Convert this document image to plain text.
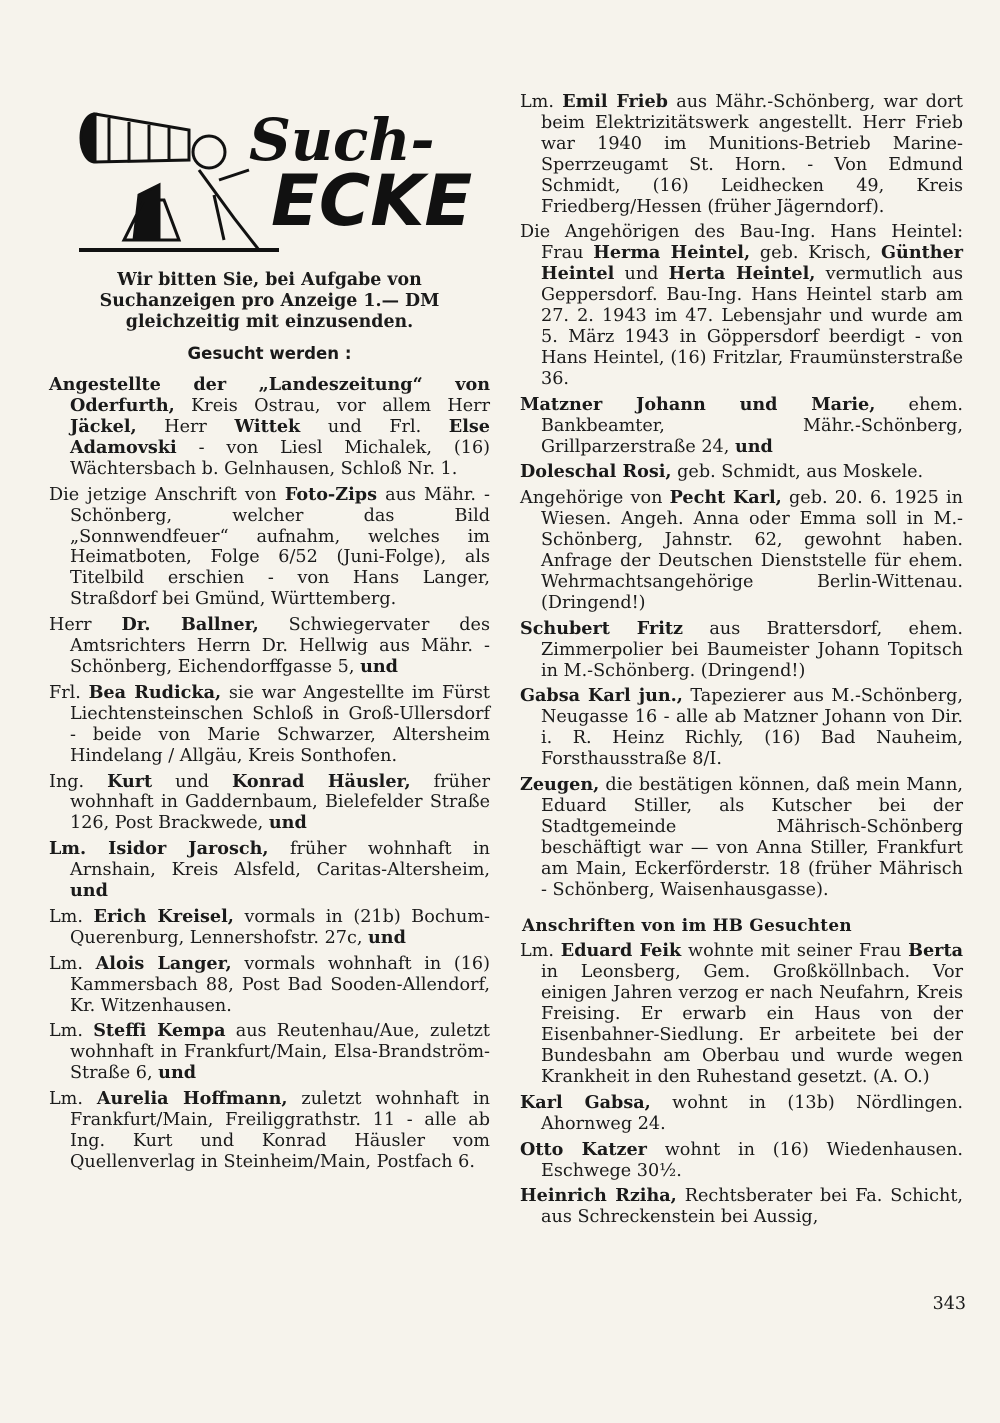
Such-
ECKE
Wir bitten Sie, bei Aufgabe von Suchanzeigen pro Anzeige 1.— DM gleichzeitig mit einzusenden.
Gesucht werden :

Angestellte der „Landeszeitung“ von Oderfurth, Kreis Ostrau, vor allem Herr Jäckel, Herr Wittek und Frl. Else Adamovski - von Liesl Michalek, (16) Wächtersbach b. Gelnhausen, Schloß Nr. 1.

Die jetzige Anschrift von Foto-Zips aus Mähr. - Schönberg, welcher das Bild „Sonnwendfeuer“ aufnahm, welches im Heimatboten, Folge 6/52 (Juni-Folge), als Titelbild erschien - von Hans Langer, Straßdorf bei Gmünd, Württemberg.

Herr Dr. Ballner, Schwiegervater des Amtsrichters Herrn Dr. Hellwig aus Mähr. - Schönberg, Eichendorffgasse 5, und

Frl. Bea Rudicka, sie war Angestellte im Fürst Liechtensteinschen Schloß in Groß-Ullersdorf - beide von Marie Schwarzer, Altersheim Hindelang / Allgäu, Kreis Sonthofen.

Ing. Kurt und Konrad Häusler, früher wohnhaft in Gaddernbaum, Bielefelder Straße 126, Post Brackwede, und

Lm. Isidor Jarosch, früher wohnhaft in Arnshain, Kreis Alsfeld, Caritas-Altersheim, und

Lm. Erich Kreisel, vormals in (21b) Bochum-Querenburg, Lennershofstr. 27c, und

Lm. Alois Langer, vormals wohnhaft in (16) Kammersbach 88, Post Bad Sooden-Allendorf, Kr. Witzenhausen.

Lm. Steffi Kempa aus Reutenhau/Aue, zuletzt wohnhaft in Frankfurt/Main, Elsa-Brandström-Straße 6, und

Lm. Aurelia Hoffmann, zuletzt wohnhaft in Frankfurt/Main, Freiliggrathstr. 11 - alle ab Ing. Kurt und Konrad Häusler vom Quellenverlag in Steinheim/Main, Postfach 6.

Lm. Emil Frieb aus Mähr.-Schönberg, war dort beim Elektrizitätswerk angestellt. Herr Frieb war 1940 im Munitions-Betrieb Marine-Sperrzeugamt St. Horn. - Von Edmund Schmidt, (16) Leidhecken 49, Kreis Friedberg/Hessen (früher Jägerndorf).

Die Angehörigen des Bau-Ing. Hans Heintel: Frau Herma Heintel, geb. Krisch, Günther Heintel und Herta Heintel, vermutlich aus Geppersdorf. Bau-Ing. Hans Heintel starb am 27. 2. 1943 im 47. Lebensjahr und wurde am 5. März 1943 in Göppersdorf beerdigt - von Hans Heintel, (16) Fritzlar, Fraumünsterstraße 36.

Matzner Johann und Marie, ehem. Bankbeamter, Mähr.-Schönberg, Grillparzerstraße 24, und

Doleschal Rosi, geb. Schmidt, aus Moskele.

Angehörige von Pecht Karl, geb. 20. 6. 1925 in Wiesen. Angeh. Anna oder Emma soll in M.-Schönberg, Jahnstr. 62, gewohnt haben. Anfrage der Deutschen Dienststelle für ehem. Wehrmachtsangehörige Berlin-Wittenau. (Dringend!)

Schubert Fritz aus Brattersdorf, ehem. Zimmerpolier bei Baumeister Johann Topitsch in M.-Schönberg. (Dringend!)

Gabsa Karl jun., Tapezierer aus M.-Schönberg, Neugasse 16 - alle ab Matzner Johann von Dir. i. R. Heinz Richly, (16) Bad Nauheim, Forsthausstraße 8/I.

Zeugen, die bestätigen können, daß mein Mann, Eduard Stiller, als Kutscher bei der Stadtgemeinde Mährisch-Schönberg beschäftigt war — von Anna Stiller, Frankfurt am Main, Eckerförderstr. 18 (früher Mährisch - Schönberg, Waisenhausgasse).

Anschriften von im HB Gesuchten

Lm. Eduard Feik wohnte mit seiner Frau Berta in Leonsberg, Gem. Großköllnbach. Vor einigen Jahren verzog er nach Neufahrn, Kreis Freising. Er erwarb ein Haus von der Eisenbahner-Siedlung. Er arbeitete bei der Bundesbahn am Oberbau und wurde wegen Krankheit in den Ruhestand gesetzt. (A. O.)

Karl Gabsa, wohnt in (13b) Nördlingen. Ahornweg 24.

Otto Katzer wohnt in (16) Wiedenhausen. Eschwege 30½.

Heinrich Rziha, Rechtsberater bei Fa. Schicht, aus Schreckenstein bei Aussig,

343
